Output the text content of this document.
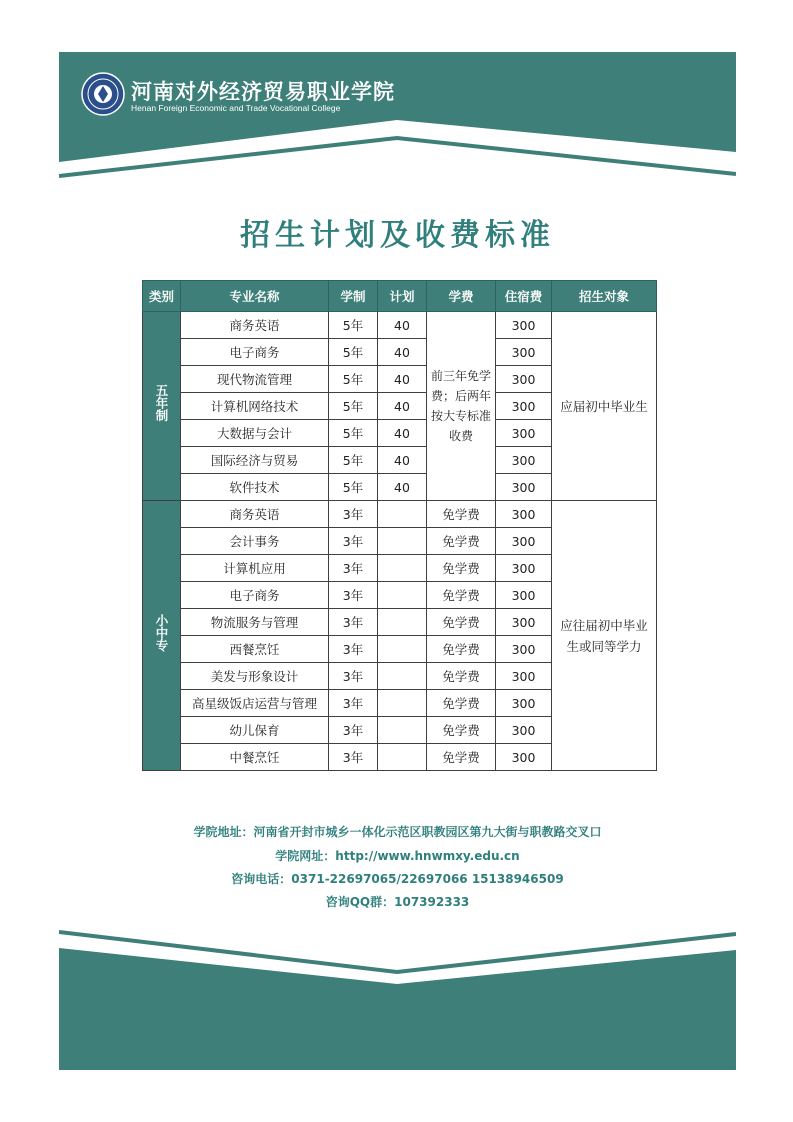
河南对外经济贸易职业学院
Henan Foreign Economic and Trade Vocational College
招生计划及收费标准
类别	专业名称	学制	计划	学费	住宿费	招生对象
五年制	商务英语	5年	40	前三年免学费；后两年按大专标准收费	300	应届初中毕业生
	电子商务	5年	40		300	
	现代物流管理	5年	40		300	
	计算机网络技术	5年	40		300	
	大数据与会计	5年	40		300	
	国际经济与贸易	5年	40		300	
	软件技术	5年	40		300	
小中专	商务英语	3年		免学费	300	应往届初中毕业生或同等学力

	会计事务	3年		免学费	300	
	计算机应用	3年		免学费	300	
	电子商务	3年		免学费	300	
	物流服务与管理	3年		免学费	300	
	西餐烹饪	3年		免学费	300	
	美发与形象设计	3年		免学费	300	
	高星级饭店运营与管理	3年		免学费	300	
	幼儿保育	3年		免学费	300	
	中餐烹饪	3年		免学费	300	
学院地址：河南省开封市城乡一体化示范区职教园区第九大街与职教路交叉口
学院网址：http://www.hnwmxy.edu.cn
咨询电话：0371-22697065/22697066 15138946509
咨询QQ群：107392333
